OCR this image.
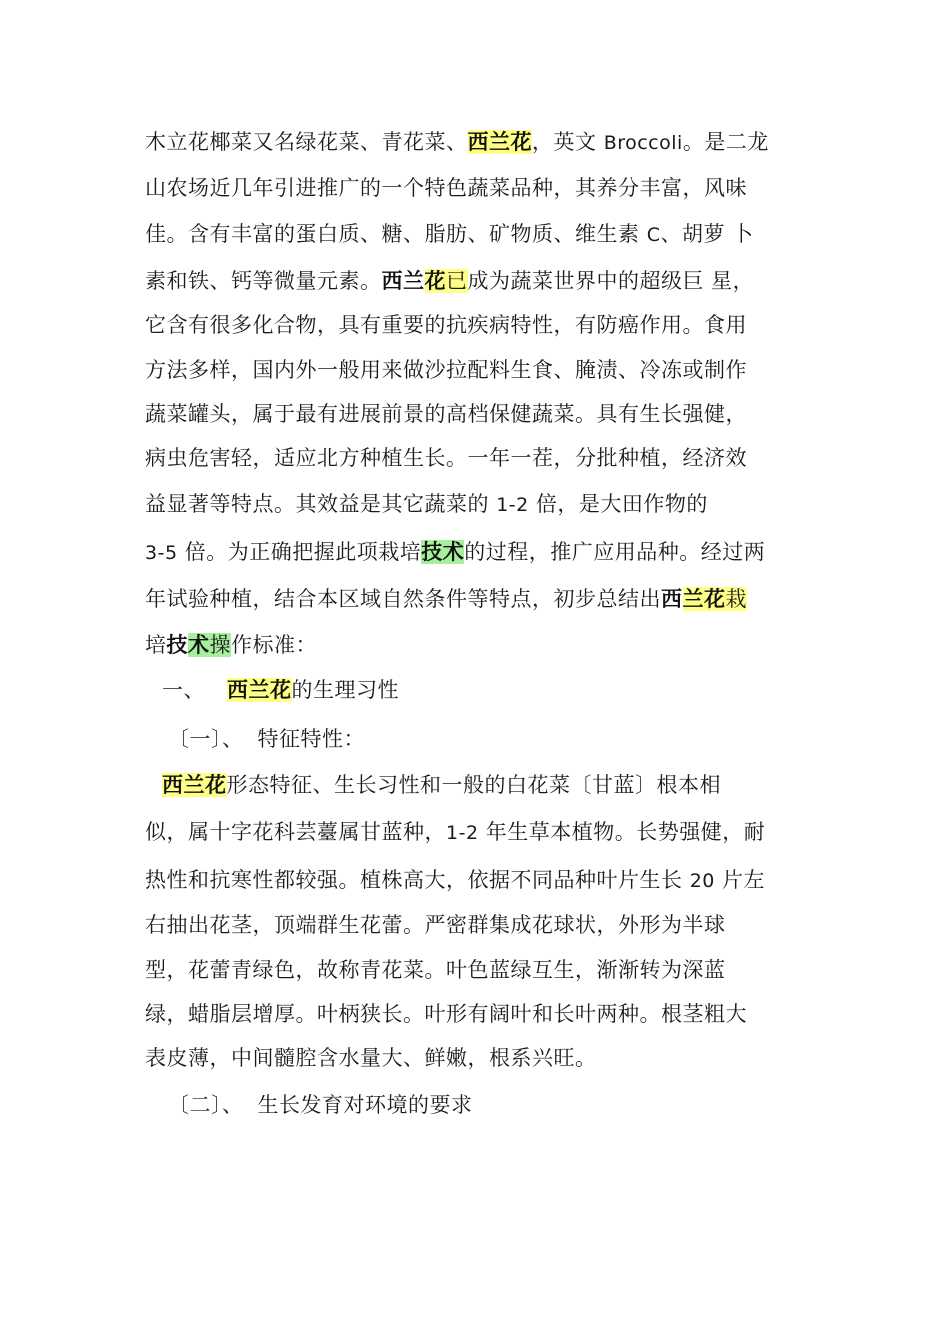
木立花椰菜又名绿花菜、青花菜、西兰花，英文 Broccoli。是二龙
山农场近几年引进推广的一个特色蔬菜品种，其养分丰富，风味
佳。含有丰富的蛋白质、糖、脂肪、矿物质、维生素 C、胡萝 卜
素和铁、钙等微量元素。西兰花已成为蔬菜世界中的超级巨 星，
它含有很多化合物，具有重要的抗疾病特性，有防癌作用。食用
方法多样，国内外一般用来做沙拉配料生食、腌渍、冷冻或制作
蔬菜罐头，属于最有进展前景的高档保健蔬菜。具有生长强健，
病虫危害轻，适应北方种植生长。一年一茬，分批种植，经济效
益显著等特点。其效益是其它蔬菜的 1-2 倍，是大田作物的
3-5 倍。为正确把握此项栽培技术的过程，推广应用品种。经过两
年试验种植，结合本区域自然条件等特点，初步总结出西兰花栽
培技术操作标准：
一、 西兰花的生理习性
〔一〕、 特征特性：
西兰花形态特征、生长习性和一般的白花菜〔甘蓝〕根本相
似，属十字花科芸薹属甘蓝种，1-2 年生草本植物。长势强健，耐
热性和抗寒性都较强。植株高大，依据不同品种叶片生长 20 片左
右抽出花茎，顶端群生花蕾。严密群集成花球状，外形为半球
型，花蕾青绿色，故称青花菜。叶色蓝绿互生，渐渐转为深蓝
绿，蜡脂层增厚。叶柄狭长。叶形有阔叶和长叶两种。根茎粗大
表皮薄，中间髓腔含水量大、鲜嫩，根系兴旺。
〔二〕、 生长发育对环境的要求
